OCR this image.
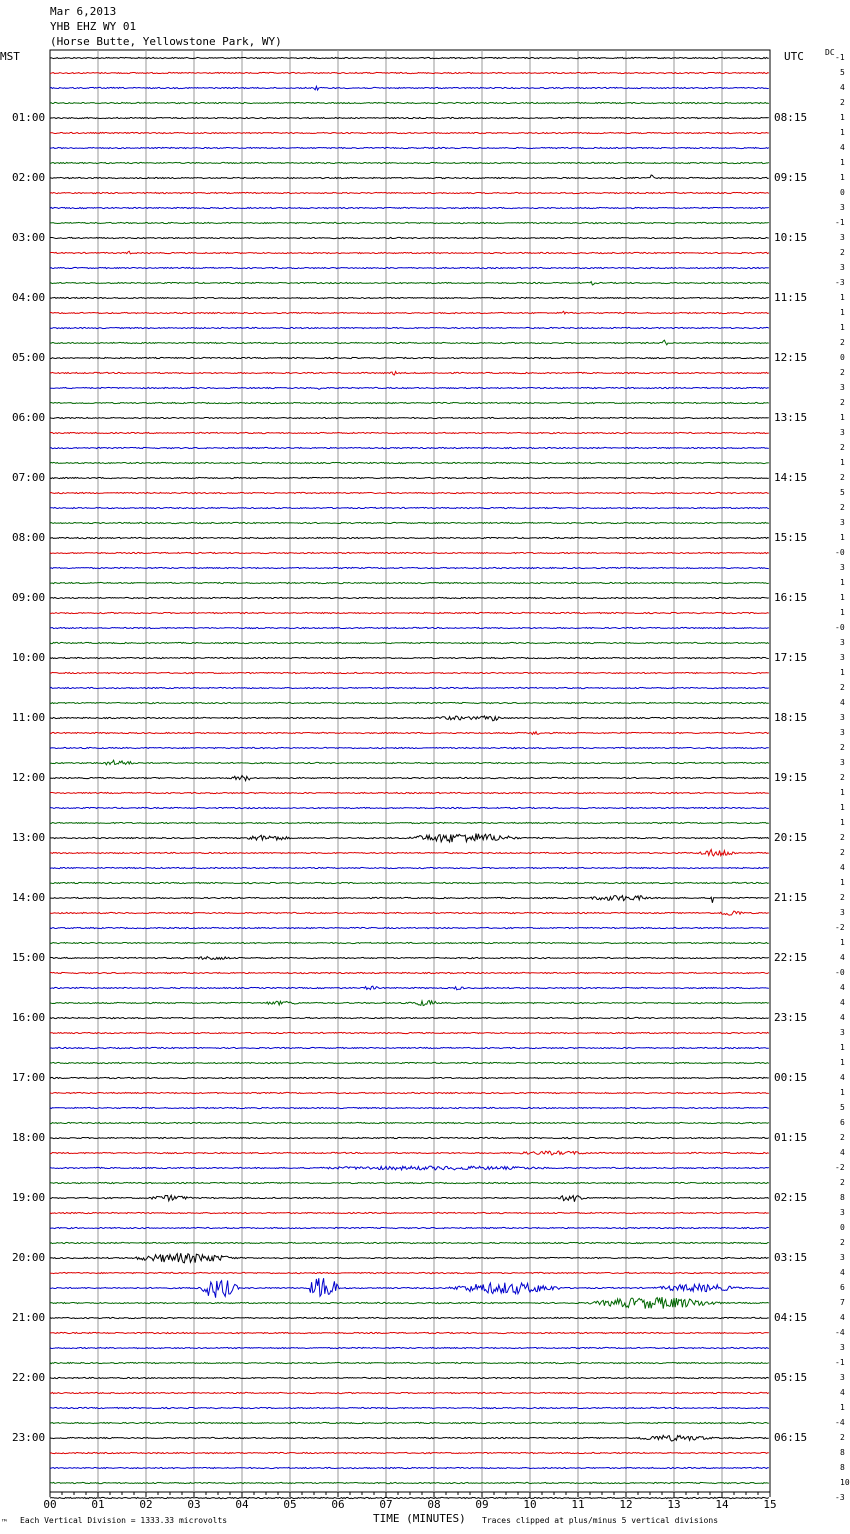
Mar 6,2013
YHB EHZ WY 01
(Horse Butte, Yellowstone Park, WY)
MST	UTC	DC
00	01	02	03	04	05	06	07	08	09	10	11	12	13	14	15
01:00
02:00
03:00
04:00
05:00
06:00
07:00
08:00
09:00
10:00
11:00
12:00
13:00
14:00
15:00
16:00
17:00
18:00
19:00
20:00
21:00
22:00
23:00
08:15
09:15
10:15
11:15
12:15
13:15
14:15
15:15
16:15
17:15
18:15
19:15
20:15
21:15
22:15
23:15
00:15
01:15
02:15
03:15
04:15
05:15
06:15
-1
5
4
2
1
1
4
1
1
0
3
-1
3
2
3
-3
1
1
1
2
0
2
3
2
1
3
2
1
2
5
2
3
1
-0
3
1
1
1
-0
3
3
1
2
4
3
3
2
3
2
1
1
1
2
2
4
1
2
3
-2
1
4
-0
4
4
4
3
1
1
4
1
5
6
2
4
-2
2
8
3
0
2
3
4
6
7
4
-4
3
-1
3
4
1
-4
2
8
8
10
-3
™ Each Vertical Division = 1333.33 microvolts	TIME (MINUTES) Traces clipped at plus/minus 5 vertical divisions
